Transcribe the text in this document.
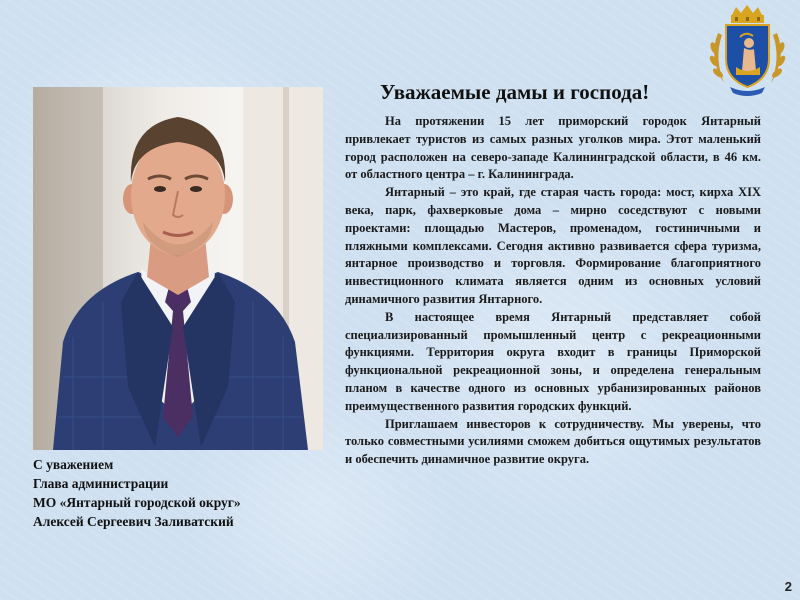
Уважаемые дамы и господа!

На протяжении 15 лет приморский городок Янтарный привлекает туристов из самых разных уголков мира. Этот маленький город расположен на северо-западе Калининградской области, в 46 км. от областного центра – г. Калининграда.

Янтарный – это край, где старая часть города: мост, кирха XIX века, парк, фахверковые дома – мирно соседствуют с новыми проектами: площадью Мастеров, променадом, гостиничными и пляжными комплексами. Сегодня активно развивается сфера туризма, янтарное производство и торговля. Формирование благоприятного инвестиционного климата является одним из основных условий динамичного развития Янтарного.

В настоящее время Янтарный представляет собой специализированный промышленный центр с рекреационными функциями. Территория округа входит в границы Приморской функциональной рекреационной зоны, и определена генеральным планом в качестве одного из основных урбанизированных районов преимущественного развития городских функций.

Приглашаем инвесторов к сотрудничеству. Мы уверены, что только совместными усилиями сможем добиться ощутимых результатов и обеспечить динамичное развитие округа.

С уважением
Глава администрации
МО «Янтарный городской округ»
Алексей Сергеевич Заливатский
2
